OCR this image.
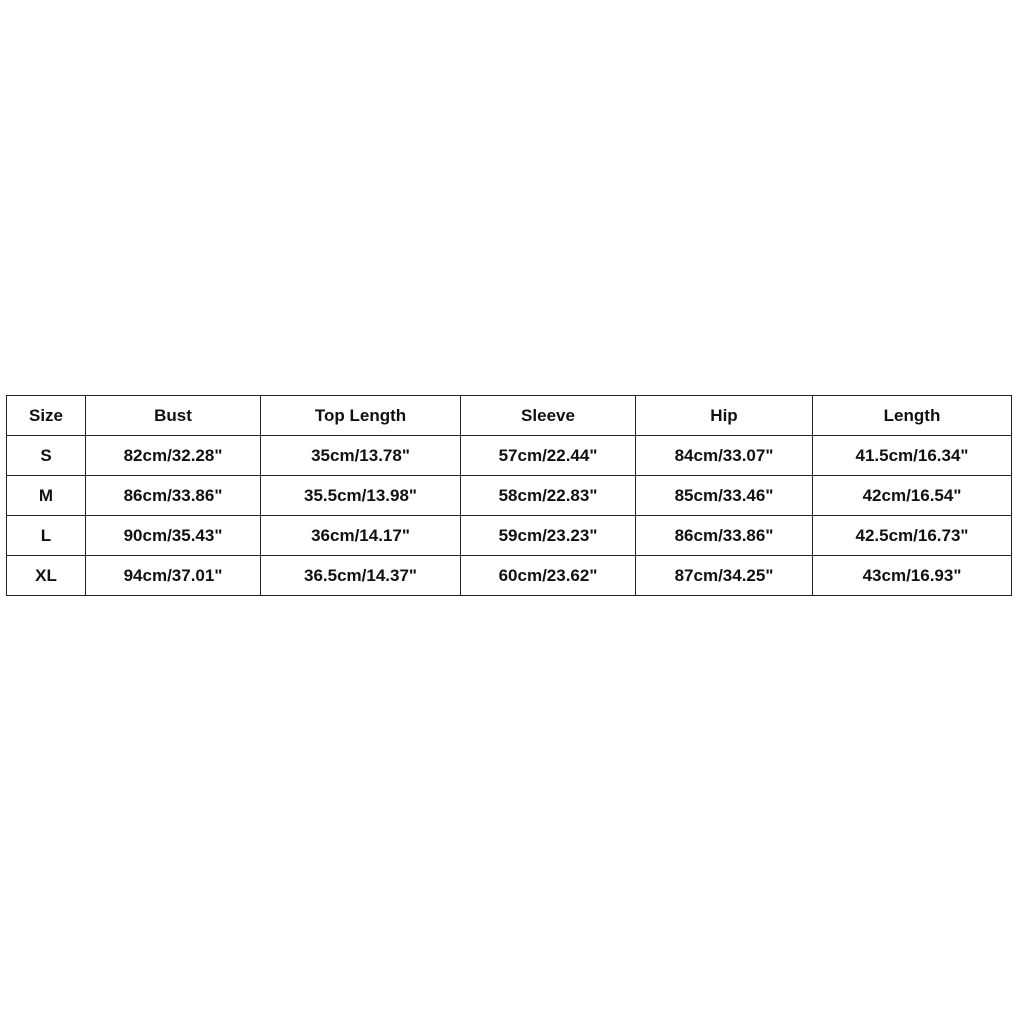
Size	Bust	Top Length	Sleeve	Hip	Length
S	82cm/32.28"	35cm/13.78"	57cm/22.44"	84cm/33.07"	41.5cm/16.34"
M	86cm/33.86"	35.5cm/13.98"	58cm/22.83"	85cm/33.46"	42cm/16.54"
L	90cm/35.43"	36cm/14.17"	59cm/23.23"	86cm/33.86"	42.5cm/16.73"
XL	94cm/37.01"	36.5cm/14.37"	60cm/23.62"	87cm/34.25"	43cm/16.93"
